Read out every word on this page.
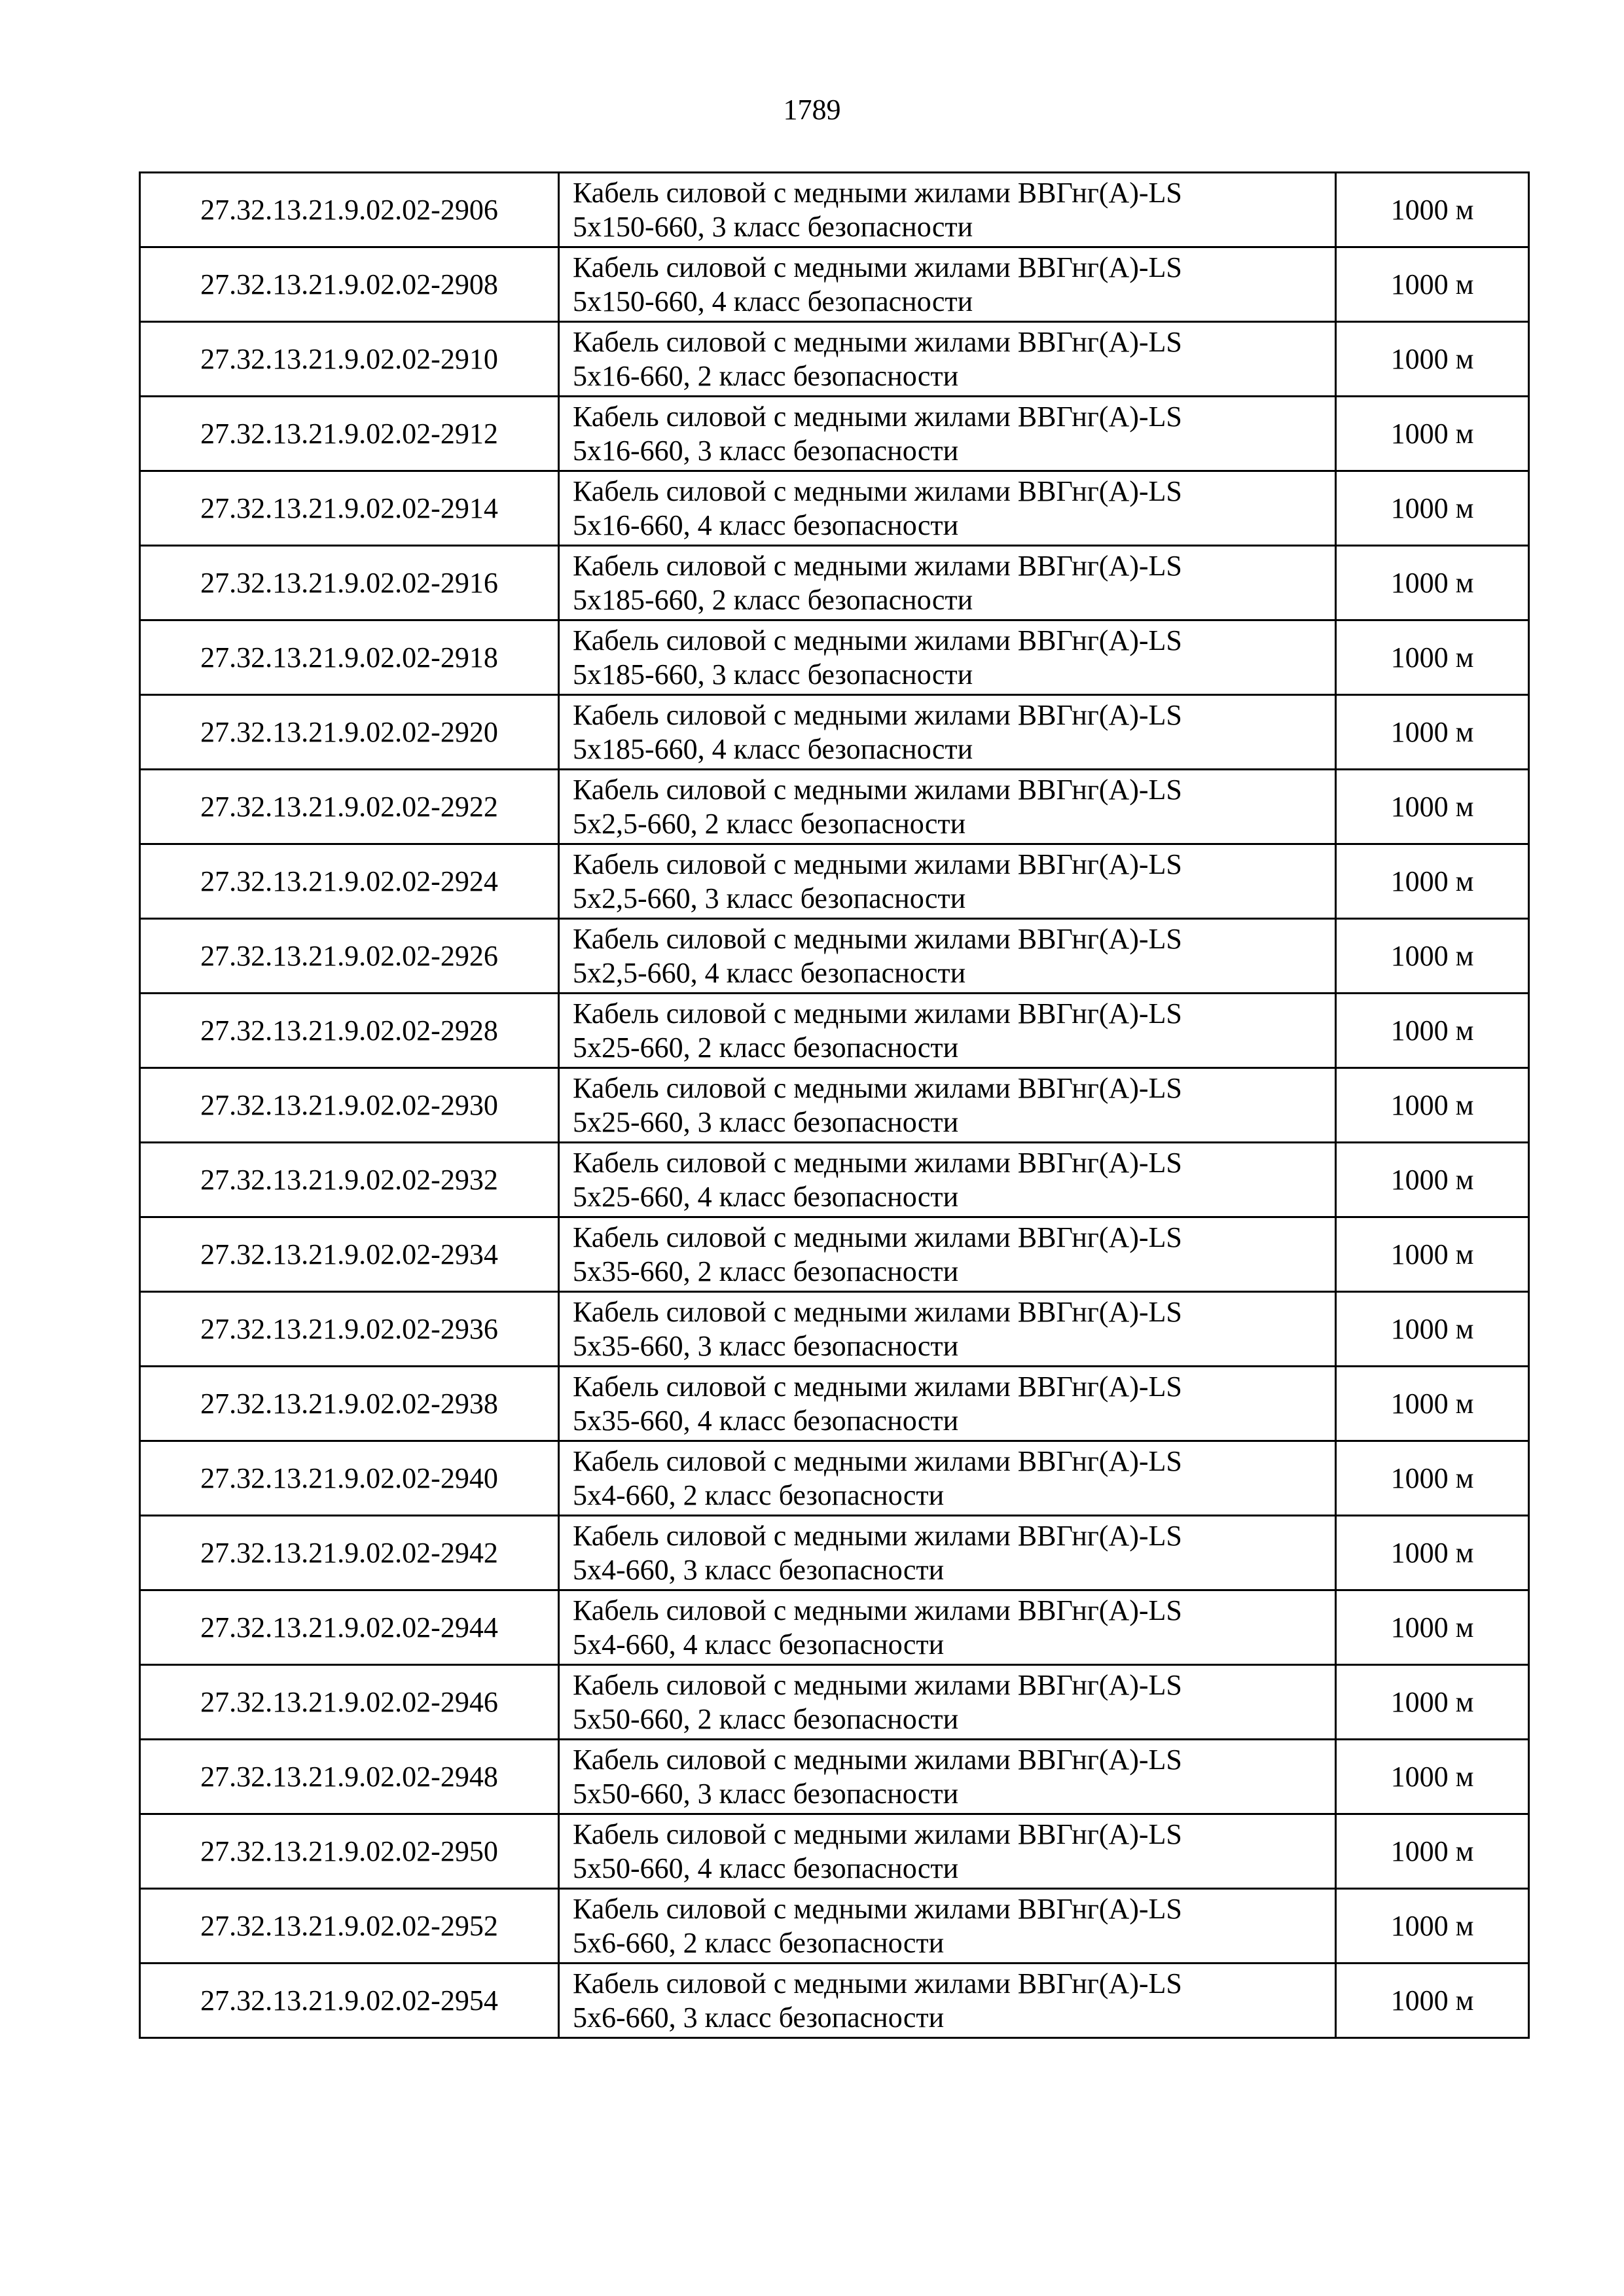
1789
27.32.13.21.9.02.02-2906	Кабель силовой с медными жилами ВВГнг(A)-LS
5х150-660, 3 класс безопасности	1000 м
27.32.13.21.9.02.02-2908	Кабель силовой с медными жилами ВВГнг(A)-LS
5х150-660, 4 класс безопасности	1000 м
27.32.13.21.9.02.02-2910	Кабель силовой с медными жилами ВВГнг(A)-LS
5х16-660, 2 класс безопасности	1000 м
27.32.13.21.9.02.02-2912	Кабель силовой с медными жилами ВВГнг(A)-LS
5х16-660, 3 класс безопасности	1000 м
27.32.13.21.9.02.02-2914	Кабель силовой с медными жилами ВВГнг(A)-LS
5х16-660, 4 класс безопасности	1000 м
27.32.13.21.9.02.02-2916	Кабель силовой с медными жилами ВВГнг(A)-LS
5х185-660, 2 класс безопасности	1000 м
27.32.13.21.9.02.02-2918	Кабель силовой с медными жилами ВВГнг(A)-LS
5х185-660, 3 класс безопасности	1000 м
27.32.13.21.9.02.02-2920	Кабель силовой с медными жилами ВВГнг(A)-LS
5х185-660, 4 класс безопасности	1000 м
27.32.13.21.9.02.02-2922	Кабель силовой с медными жилами ВВГнг(A)-LS
5х2,5-660, 2 класс безопасности	1000 м
27.32.13.21.9.02.02-2924	Кабель силовой с медными жилами ВВГнг(A)-LS
5х2,5-660, 3 класс безопасности	1000 м
27.32.13.21.9.02.02-2926	Кабель силовой с медными жилами ВВГнг(A)-LS
5х2,5-660, 4 класс безопасности	1000 м
27.32.13.21.9.02.02-2928	Кабель силовой с медными жилами ВВГнг(A)-LS
5х25-660, 2 класс безопасности	1000 м
27.32.13.21.9.02.02-2930	Кабель силовой с медными жилами ВВГнг(A)-LS
5х25-660, 3 класс безопасности	1000 м
27.32.13.21.9.02.02-2932	Кабель силовой с медными жилами ВВГнг(A)-LS
5х25-660, 4 класс безопасности	1000 м
27.32.13.21.9.02.02-2934	Кабель силовой с медными жилами ВВГнг(A)-LS
5х35-660, 2 класс безопасности	1000 м
27.32.13.21.9.02.02-2936	Кабель силовой с медными жилами ВВГнг(A)-LS
5х35-660, 3 класс безопасности	1000 м
27.32.13.21.9.02.02-2938	Кабель силовой с медными жилами ВВГнг(A)-LS
5х35-660, 4 класс безопасности	1000 м
27.32.13.21.9.02.02-2940	Кабель силовой с медными жилами ВВГнг(A)-LS
5х4-660, 2 класс безопасности	1000 м
27.32.13.21.9.02.02-2942	Кабель силовой с медными жилами ВВГнг(A)-LS
5х4-660, 3 класс безопасности	1000 м
27.32.13.21.9.02.02-2944	Кабель силовой с медными жилами ВВГнг(A)-LS
5х4-660, 4 класс безопасности	1000 м
27.32.13.21.9.02.02-2946	Кабель силовой с медными жилами ВВГнг(A)-LS
5х50-660, 2 класс безопасности	1000 м
27.32.13.21.9.02.02-2948	Кабель силовой с медными жилами ВВГнг(A)-LS
5х50-660, 3 класс безопасности	1000 м
27.32.13.21.9.02.02-2950	Кабель силовой с медными жилами ВВГнг(A)-LS
5х50-660, 4 класс безопасности	1000 м
27.32.13.21.9.02.02-2952	Кабель силовой с медными жилами ВВГнг(A)-LS
5х6-660, 2 класс безопасности	1000 м
27.32.13.21.9.02.02-2954	Кабель силовой с медными жилами ВВГнг(A)-LS
5х6-660, 3 класс безопасности	1000 м
